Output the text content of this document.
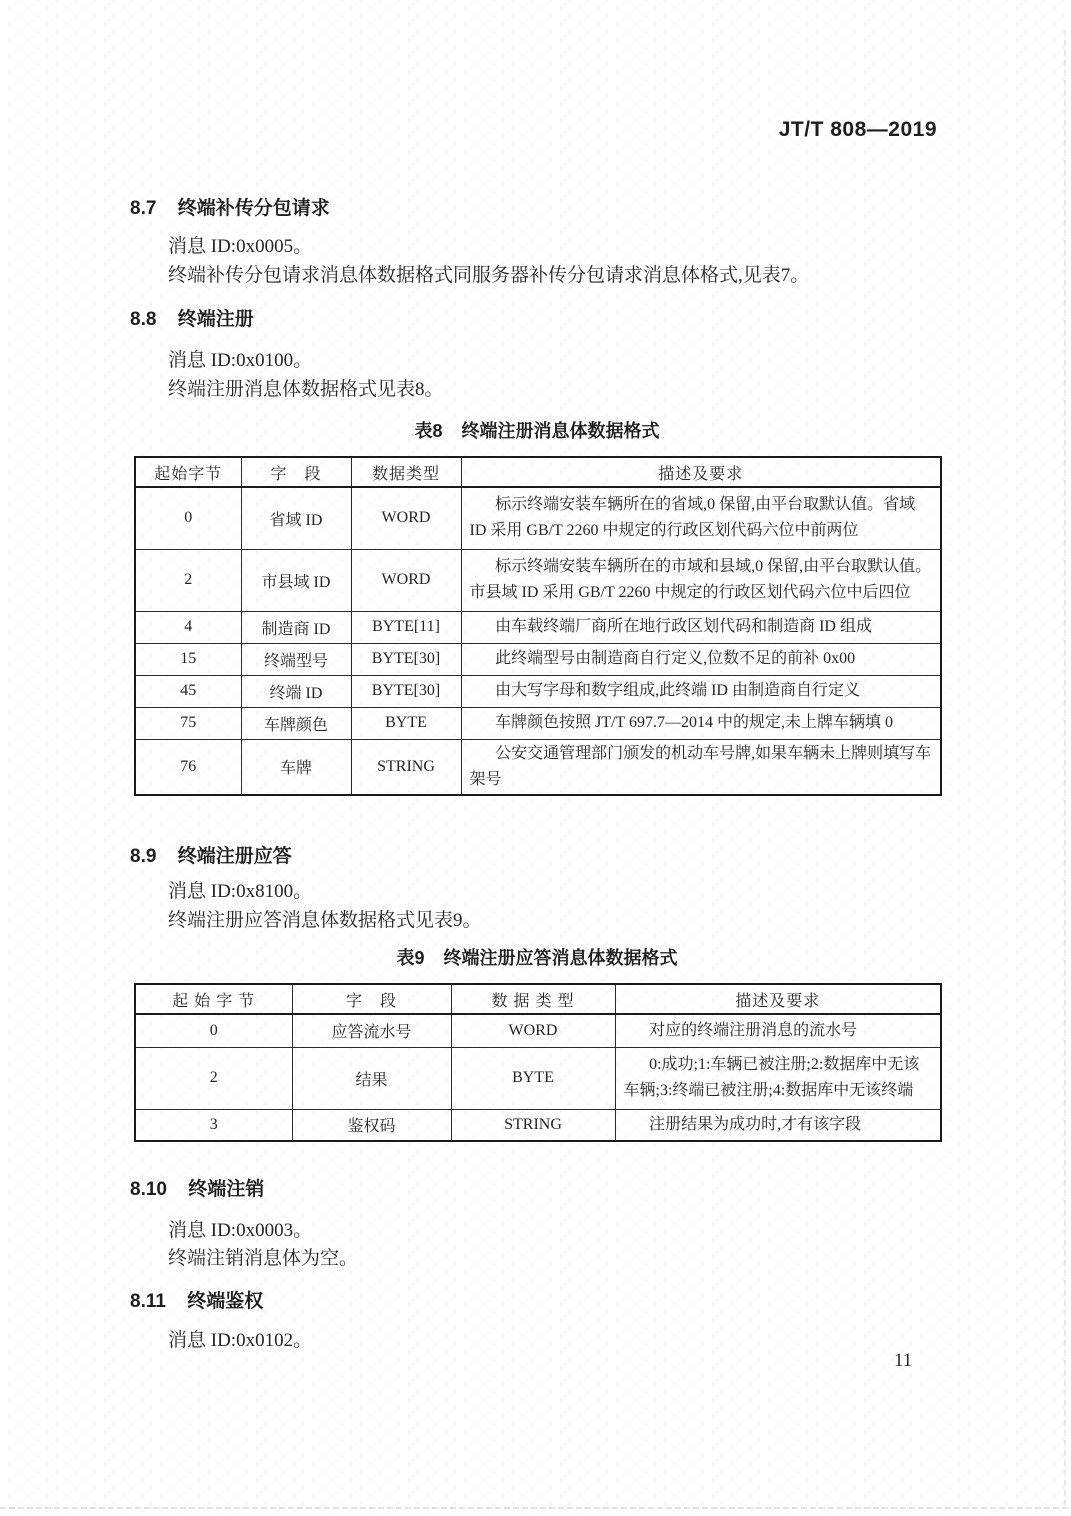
JT/T 808—2019
8.7 终端补传分包请求

消息 ID:0x0005。

终端补传分包请求消息体数据格式同服务器补传分包请求消息体格式,见表7。

8.8 终端注册

消息 ID:0x0100。

终端注册消息体数据格式见表8。

表8 终端注册消息体数据格式
起始字节	字　段	数据类型	描述及要求
0	省域 ID	WORD	标示终端安装车辆所在的省域,0 保留,由平台取默认值。省域 ID 采用 GB/T 2260 中规定的行政区划代码六位中前两位
2	市县域 ID	WORD	标示终端安装车辆所在的市域和县域,0 保留,由平台取默认值。市县域 ID 采用 GB/T 2260 中规定的行政区划代码六位中后四位
4	制造商 ID	BYTE[11]	由车载终端厂商所在地行政区划代码和制造商 ID 组成
15	终端型号	BYTE[30]	此终端型号由制造商自行定义,位数不足的前补 0x00
45	终端 ID	BYTE[30]	由大写字母和数字组成,此终端 ID 由制造商自行定义
75	车牌颜色	BYTE	车牌颜色按照 JT/T 697.7—2014 中的规定,未上牌车辆填 0
76	车牌	STRING	公安交通管理部门颁发的机动车号牌,如果车辆未上牌则填写车架号
8.9 终端注册应答

消息 ID:0x8100。

终端注册应答消息体数据格式见表9。

表9 终端注册应答消息体数据格式
起 始 字 节	字　段	数 据 类 型	描述及要求
0	应答流水号	WORD	对应的终端注册消息的流水号
2	结果	BYTE	0:成功;1:车辆已被注册;2:数据库中无该车辆;3:终端已被注册;4:数据库中无该终端
3	鉴权码	STRING	注册结果为成功时,才有该字段
8.10 终端注销

消息 ID:0x0003。

终端注销消息体为空。

8.11 终端鉴权

消息 ID:0x0102。

11
